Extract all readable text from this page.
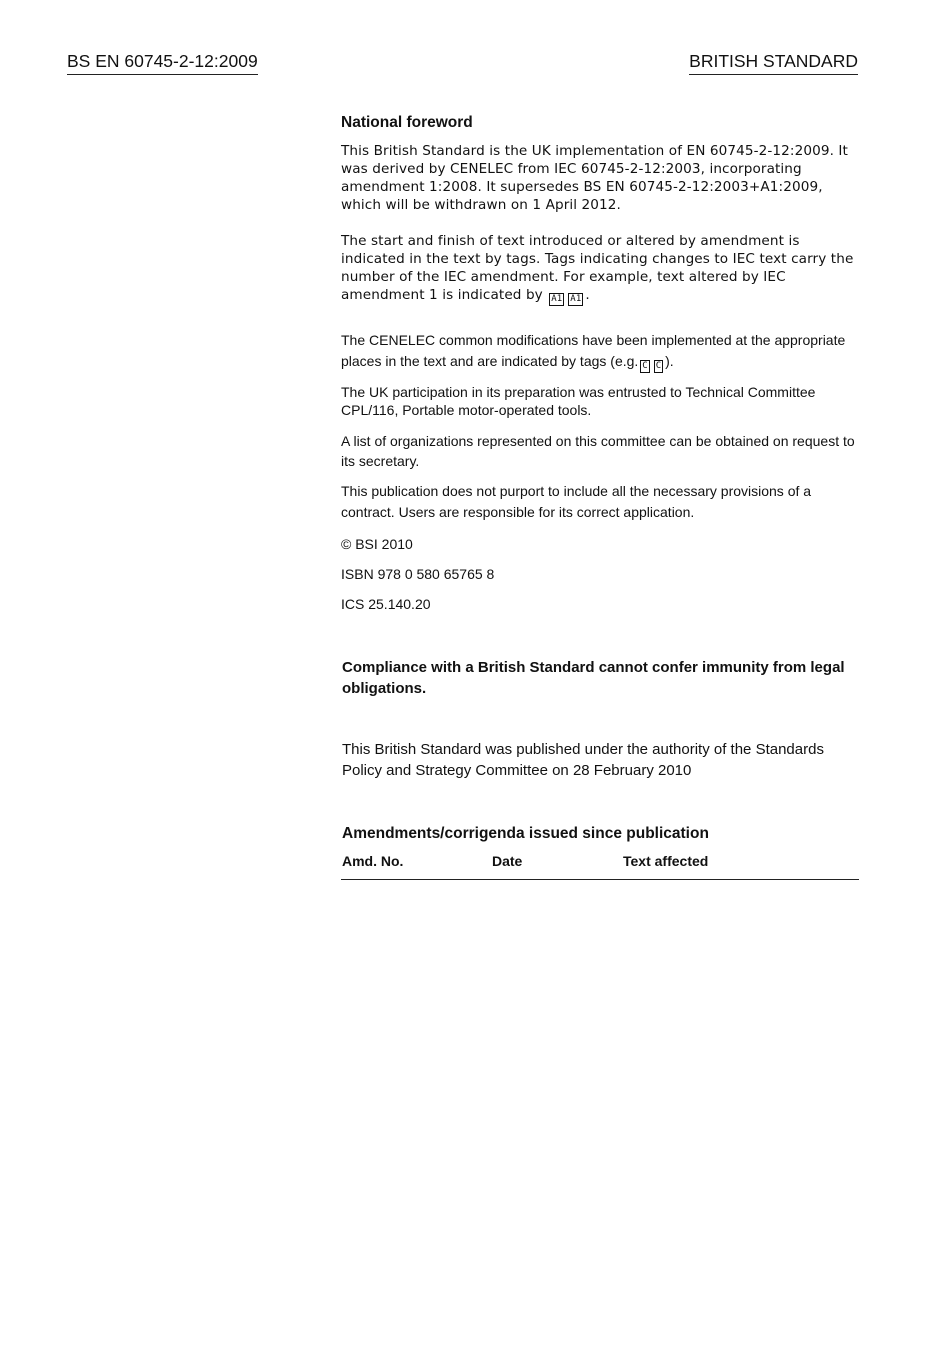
BS EN 60745-2-12:2009	BRITISH STANDARD
National foreword

This British Standard is the UK implementation of EN 60745-2-12:2009. It was derived by CENELEC from IEC 60745-2-12:2003, incorporating amendment 1:2008. It supersedes BS EN 60745-2-12:2003+A1:2009, which will be withdrawn on 1 April 2012.

The start and finish of text introduced or altered by amendment is indicated in the text by tags. Tags indicating changes to IEC text carry the number of the IEC amendment. For example, text altered by IEC amendment 1 is indicated by A1 A1 .

The CENELEC common modifications have been implemented at the appropriate places in the text and are indicated by tags (e.g. C C ).

The UK participation in its preparation was entrusted to Technical Committee CPL/116, Portable motor-operated tools.

A list of organizations represented on this committee can be obtained on request to its secretary.

This publication does not purport to include all the necessary provisions of a contract. Users are responsible for its correct application.

© BSI 2010

ISBN 978 0 580 65765 8

ICS 25.140.20

Compliance with a British Standard cannot confer immunity from legal obligations.
This British Standard was published under the authority of the Standards Policy and Strategy Committee on 28 February 2010
Amendments/corrigenda issued since publication
Amd. No.	Date	Text affected
